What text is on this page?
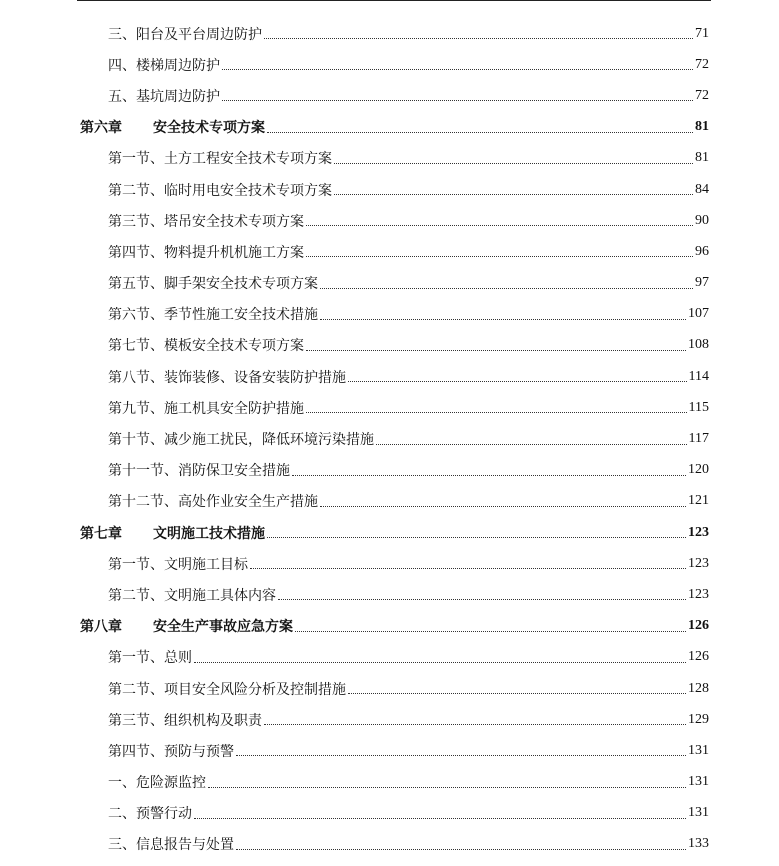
三、阳台及平台周边防护	71
四、楼梯周边防护	72
五、基坑周边防护	72
第六章 安全技术专项方案	81
第一节、土方工程安全技术专项方案	81
第二节、临时用电安全技术专项方案	84
第三节、塔吊安全技术专项方案	90
第四节、物料提升机机施工方案	96
第五节、脚手架安全技术专项方案	97
第六节、季节性施工安全技术措施	107
第七节、模板安全技术专项方案	108
第八节、装饰装修、设备安装防护措施	114
第九节、施工机具安全防护措施	115
第十节、减少施工扰民，降低环境污染措施	117
第十一节、消防保卫安全措施	120
第十二节、高处作业安全生产措施	121
第七章 文明施工技术措施	123
第一节、文明施工目标	123
第二节、文明施工具体内容	123
第八章 安全生产事故应急方案	126
第一节、总则	126
第二节、项目安全风险分析及控制措施	128
第三节、组织机构及职责	129
第四节、预防与预警	131
一、危险源监控	131
二、预警行动	131
三、信息报告与处置	133
